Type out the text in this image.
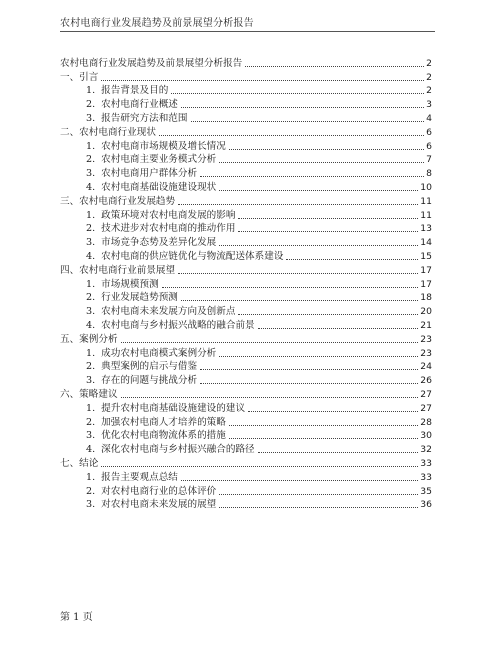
农村电商行业发展趋势及前景展望分析报告
农村电商行业发展趋势及前景展望分析报告	2
一、引言	2
1. 报告背景及目的	2
2. 农村电商行业概述	3
3. 报告研究方法和范围	4
二、农村电商行业现状	6
1. 农村电商市场规模及增长情况	6
2. 农村电商主要业务模式分析	7
3. 农村电商用户群体分析	8
4. 农村电商基础设施建设现状	10
三、农村电商行业发展趋势	11
1. 政策环境对农村电商发展的影响	11
2. 技术进步对农村电商的推动作用	13
3. 市场竞争态势及差异化发展	14
4. 农村电商的供应链优化与物流配送体系建设	15
四、农村电商行业前景展望	17
1. 市场规模预测	17
2. 行业发展趋势预测	18
3. 农村电商未来发展方向及创新点	20
4. 农村电商与乡村振兴战略的融合前景	21
五、案例分析	23
1. 成功农村电商模式案例分析	23
2. 典型案例的启示与借鉴	24
3. 存在的问题与挑战分析	26
六、策略建议	27
1. 提升农村电商基础设施建设的建议	27
2. 加强农村电商人才培养的策略	28
3. 优化农村电商物流体系的措施	30
4. 深化农村电商与乡村振兴融合的路径	32
七、结论	33
1. 报告主要观点总结	33
2. 对农村电商行业的总体评价	35
3. 对农村电商未来发展的展望	36
第 1 页
